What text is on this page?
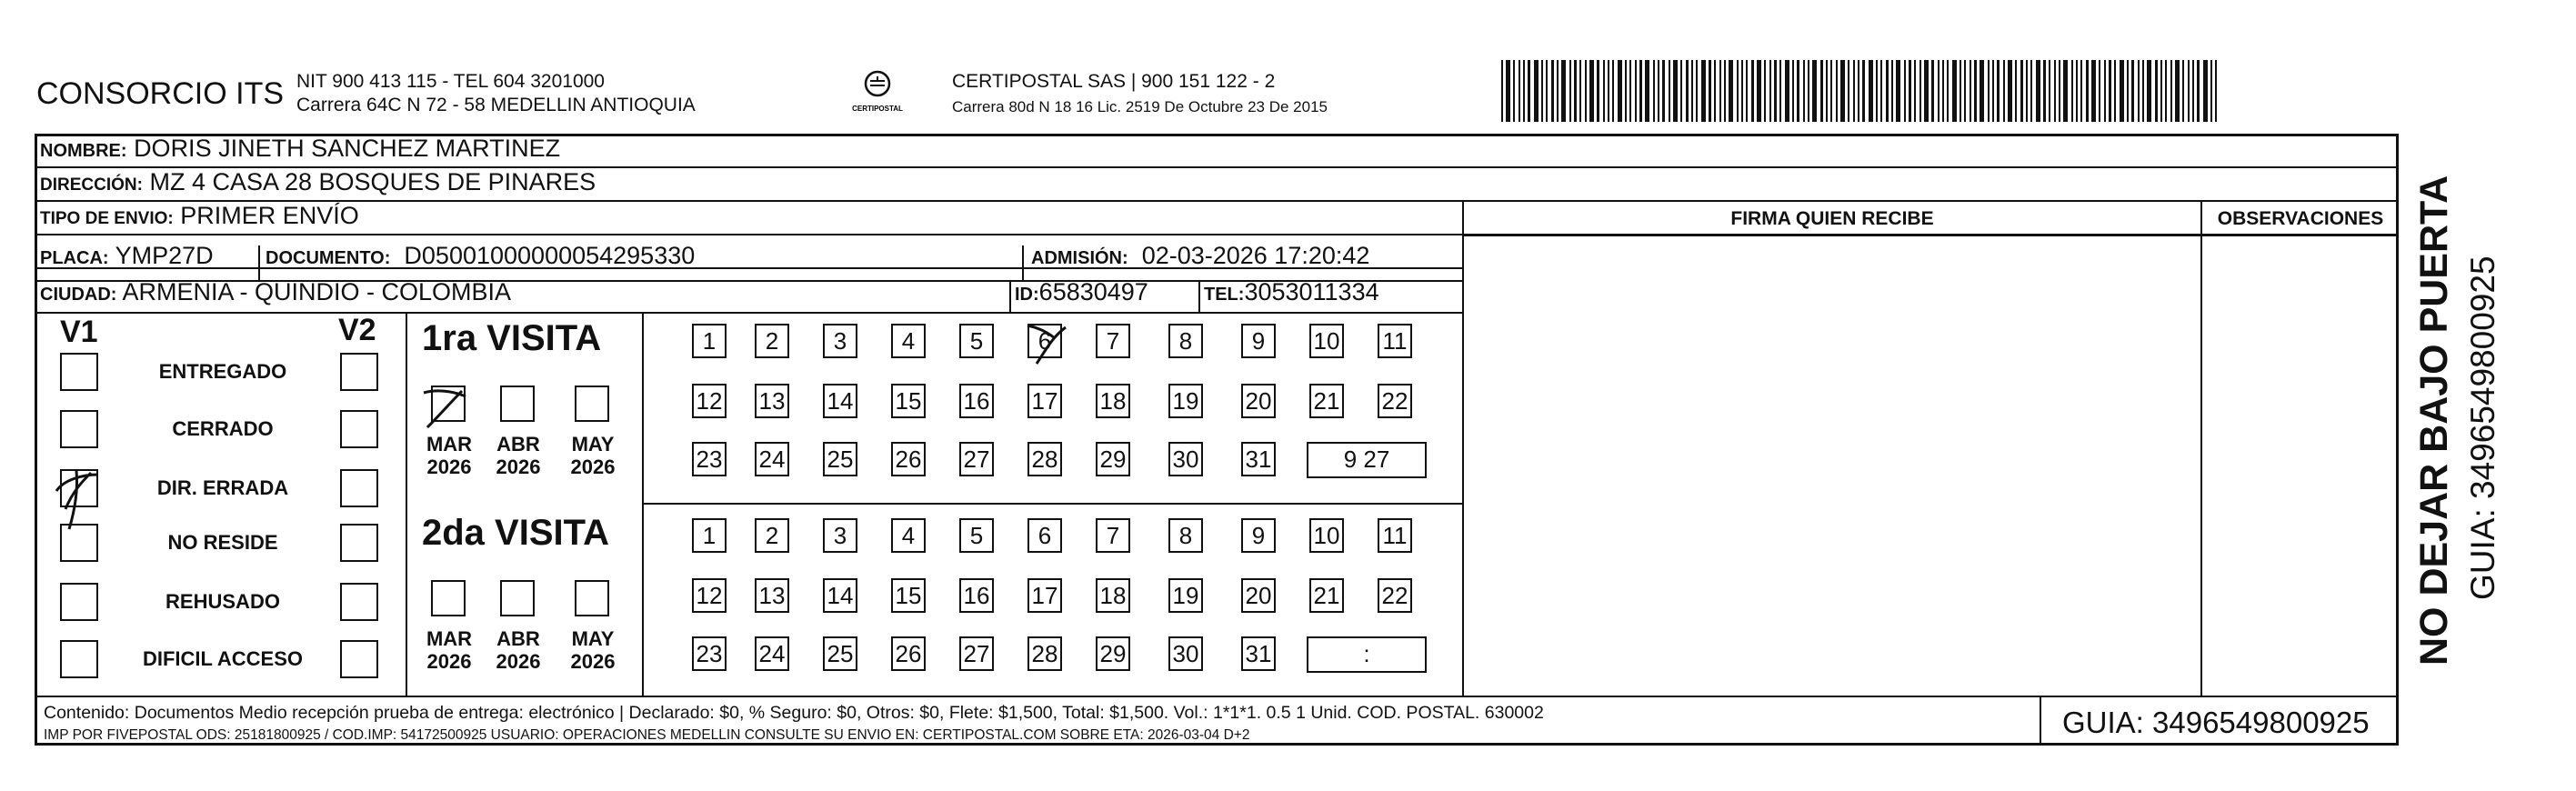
CONSORCIO ITS NIT 900 413 115 - TEL 604 3201000
Carrera 64C N 72 - 58 MEDELLIN ANTIOQUIA	CERTIPOSTAL
CERTIPOSTAL SAS | 900 151 122 - 2
Carrera 80d N 18 16 Lic. 2519 De Octubre 23 De 2015
NOMBRE: DORIS JINETH SANCHEZ MARTINEZ
DIRECCIÓN: MZ 4 CASA 28 BOSQUES DE PINARES
TIPO DE ENVIO: PRIMER ENVÍO
PLACA: YMP27D	DOCUMENTO: D05001000000054295330	ADMISIÓN: 02-03-2026 17:20:42
CIUDAD: ARMENIA - QUINDIO - COLOMBIA	ID:65830497	TEL:3053011334
FIRMA QUIEN RECIBE	OBSERVACIONES
V1	V2
ENTREGADO
CERRADO
DIR. ERRADA
NO RESIDE
REHUSADO
DIFICIL ACCESO
1ra VISITA
MAR
2026
ABR
2026
MAY
2026
1	2	3	4	5	6	7	8	9	10 11
12 13 14 15 16 17 18 19 20 21 22
23 24 25 26 27 28 29 30 31	9 27
2da VISITA
MAR
2026
ABR
2026
MAY
2026
1	2	3	4	5	6	7	8	9	10 11
12 13 14 15 16 17 18 19 20 21 22
23 24 25 26 27 28 29 30 31	:
Contenido: Documentos Medio recepción prueba de entrega: electrónico | Declarado: $0, % Seguro: $0, Otros: $0, Flete: $1,500, Total: $1,500. Vol.: 1*1*1. 0.5 1 Unid. COD. POSTAL. 630002
IMP POR FIVEPOSTAL ODS: 25181800925 / COD.IMP: 54172500925 USUARIO: OPERACIONES MEDELLIN CONSULTE SU ENVIO EN: CERTIPOSTAL.COM SOBRE ETA: 2026-03-04 D+2	GUIA: 3496549800925
NO DEJAR BAJO PUERTA GUIA: 3496549800925
